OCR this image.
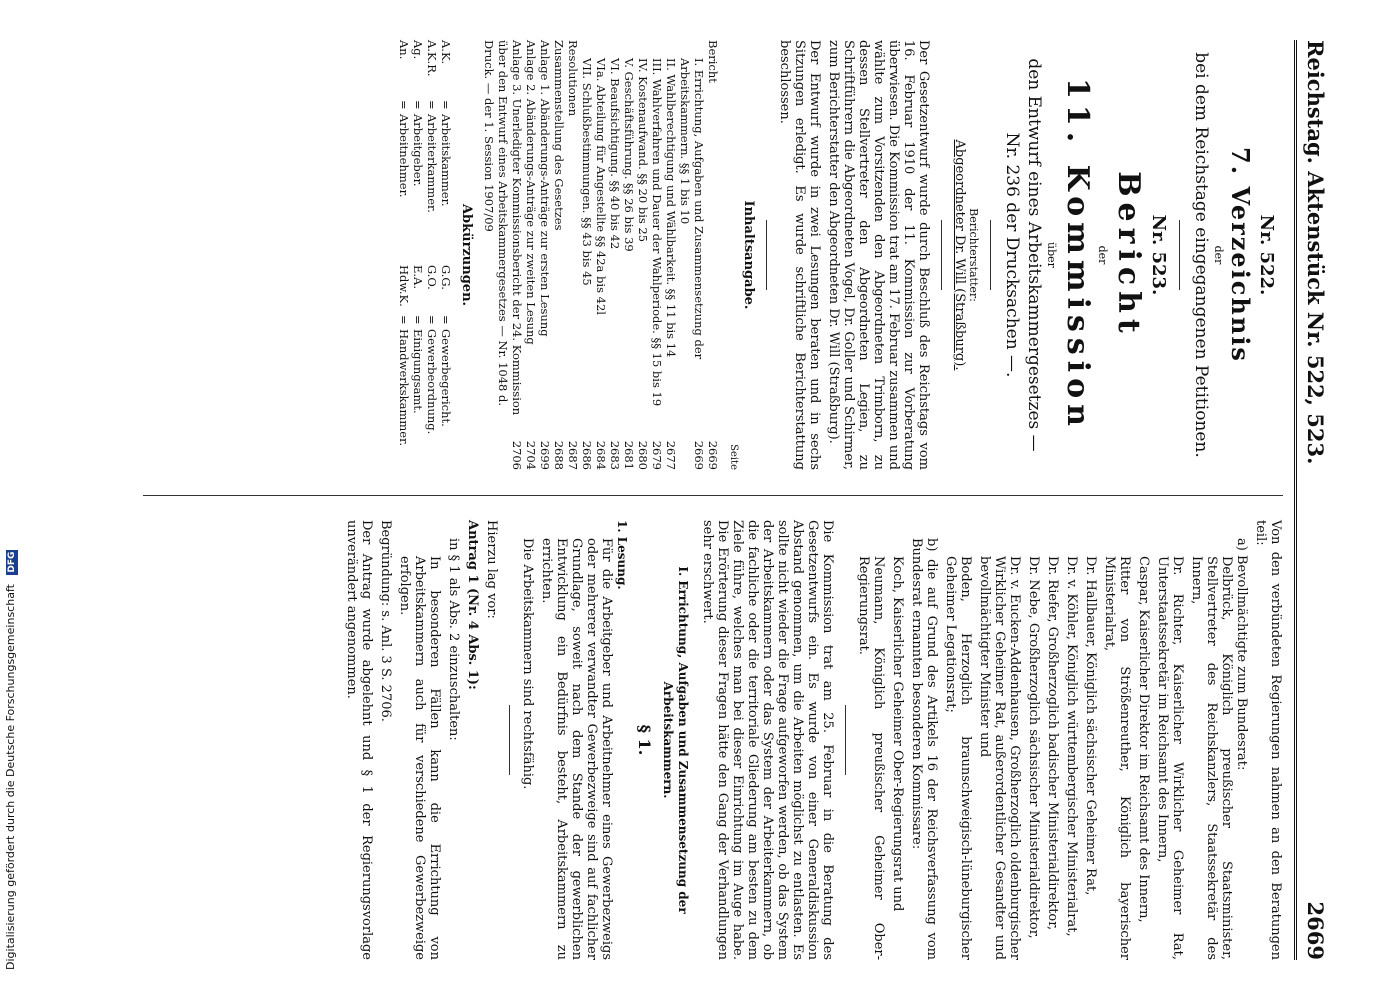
Digitalisierung gefördert durch die Deutsche Forschungsgemeinschaft DFG
Reichstag. Aktenstück Nr. 522, 523.
2669
Nr. 522.
7. Verzeichnis
der
bei dem Reichstage eingegangenen Petitionen.
Nr. 523.
Bericht
der
11. Kommission
über
den Entwurf eines Arbeitskammergesetzes —
Nr. 236 der Drucksachen —.
Berichterstatter:
Abgeordneter Dr. Will (Straßburg).

Der Gesetzentwurf wurde durch Beschluß des Reichstags vom 16. Februar 1910 der 11. Kommission zur Vorberatung überwiesen. Die Kommission trat am 17. Februar zusammen und wählte zum Vorsitzenden den Abgeordneten Trimborn, zu dessen Stellvertreter den Abgeordneten Legien, zu Schriftführern die Abgeordneten Vogel, Dr. Goller und Schirmer, zum Berichterstatter den Abgeordneten Dr. Will (Straßburg).

Der Entwurf wurde in zwei Lesungen beraten und in sechs Sitzungen erledigt. Es wurde schriftliche Berichterstattung beschlossen.

Inhaltsangabe.
Seite
Bericht
2669
I. Errichtung, Aufgaben und Zusammensetzung der Arbeitskammern. §§ 1 bis 10
2669
II. Wahlberechtigung und Wählbarkeit. §§ 11 bis 14
2677
III. Wahlverfahren und Dauer der Wahlperiode. §§ 15 bis 19
2679
IV. Kostenaufwand. §§ 20 bis 25
2680
V. Geschäftsführung. §§ 26 bis 39
2681
VI. Beaufsichtigung. §§ 40 bis 42
2683
VIa. Abteilung für Angestellte §§ 42a bis 42l
2684
VII. Schlußbestimmungen. §§ 43 bis 45
2686
Resolutionen
2687
Zusammenstellung des Gesetzes
2688
Anlage 1. Abänderungs-Anträge zur ersten Lesung
2699
Anlage 2. Abänderungs-Anträge zur zweiten Lesung
2704
Anlage 3. Unerledigter Kommissionsbericht der 24. Kommission über den Entwurf eines Arbeitskammergesetzes — Nr. 1048 d. Druck. — der 1. Session 1907/09
2706
Abkürzungen.
A.K.
=
Arbeitskammer.
G.G.
=
Gewerbegericht.
A.K.R.
=
Arbeiterkammer.
G.O.
=
Gewerbeordnung.
Ag.
=
Arbeitgeber.
E.A.
=
Einigungsamt.
An.
=
Arbeitnehmer.
Hdw.K.
=
Handwerkskammer.

Von den verbündeten Regierungen nahmen an den Beratungen teil:

a) Bevollmächtigte zum Bundesrat:

Delbrück, Königlich preußischer Staatsminister, Stellvertreter des Reichskanzlers, Staatssekretär des Innern,

Dr. Richter, Kaiserlicher Wirklicher Geheimer Rat, Unterstaatssekretär im Reichsamt des Innern,

Caspar, Kaiserlicher Direktor im Reichsamt des Innern,

Ritter von Strößenreuther, Königlich bayerischer Ministerialrat,

Dr. Hallbauer, Königlich sächsischer Geheimer Rat,

Dr. v. Köhler, Königlich württembergischer Ministerialrat,

Dr. Riefer, Großherzoglich badischer Ministerialdirektor,

Dr. Nebe, Großherzoglich sächsischer Ministerialdirektor,

Dr. v. Eucken-Addenhausen, Großherzoglich oldenburgischer Wirklicher Geheimer Rat, außerordentlicher Gesandter und bevollmächtigter Minister und

Boden, Herzoglich braunschweigisch-lüneburgischer Geheimer Legationsrat;

b) die auf Grund des Artikels 16 der Reichsverfassung vom Bundesrat ernannten besonderen Kommissare:

Koch, Kaiserlicher Geheimer Ober-Regierungsrat und

Neumann, Königlich preußischer Geheimer Ober-Regierungsrat.

Die Kommission trat am 25. Februar in die Beratung des Gesetzentwurfs ein. Es wurde von einer Generaldiskussion Abstand genommen, um die Arbeiten möglichst zu entlasten. Es sollte nicht wieder die Frage aufgeworfen werden, ob das System der Arbeitskammern oder das System der Arbeiterkammern, ob die fachliche oder die territoriale Gliederung am besten zu dem Ziele führe, welches man bei dieser Einrichtung im Auge habe. Die Erörterung dieser Fragen hätte den Gang der Verhandlungen sehr erschwert.

I. Errichtung, Aufgaben und Zusammensetzung der Arbeitskammern.
§ 1.
1. Lesung.

Für die Arbeitgeber und Arbeitnehmer eines Gewerbezweigs oder mehrerer verwandter Gewerbezweige sind auf fachlicher Grundlage, soweit nach dem Stande der gewerblichen Entwicklung ein Bedürfnis besteht, Arbeitskammern zu errichten.

Die Arbeitskammern sind rechtsfähig.

Hierzu lag vor:

Antrag 1 (Nr. 4 Abs. 1):

in § 1 als Abs. 2 einzuschalten:

In besonderen Fällen kann die Errichtung von Arbeitskammern auch für verschiedene Gewerbezweige erfolgen.

Begründung: s. Anl. 3 S. 2706.

Der Antrag wurde abgelehnt und § 1 der Regierungsvorlage unverändert angenommen.
